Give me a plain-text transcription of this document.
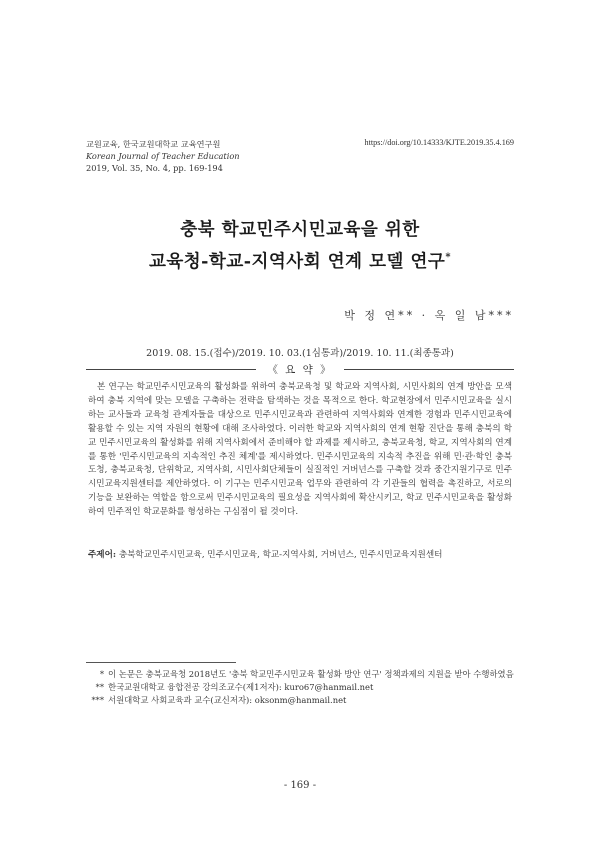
교원교육, 한국교원대학교 교육연구원
Korean Journal of Teacher Education
2019, Vol. 35, No. 4, pp. 169-194
https://doi.org/10.14333/KJTE.2019.35.4.169
충북 학교민주시민교육을 위한
교육청-학교-지역사회 연계 모델 연구*
박 정 연** · 옥 일 남***
2019. 08. 15.(접수)/2019. 10. 03.(1심통과)/2019. 10. 11.(최종통과)
《 요 약 》

본 연구는 학교민주시민교육의 활성화를 위하여 충북교육청 및 학교와 지역사회, 시민사회의 연계 방안을 모색하여 충북 지역에 맞는 모델을 구축하는 전략을 탐색하는 것을 목적으로 한다. 학교현장에서 민주시민교육을 실시하는 교사들과 교육청 관계자들을 대상으로 민주시민교육과 관련하여 지역사회와 연계한 경험과 민주시민교육에 활용할 수 있는 지역 자원의 현황에 대해 조사하였다. 이러한 학교와 지역사회의 연계 현황 진단을 통해 충북의 학교 민주시민교육의 활성화를 위해 지역사회에서 준비해야 할 과제를 제시하고, 충북교육청, 학교, 지역사회의 연계를 통한 '민주시민교육의 지속적인 추진 체계'를 제시하였다. 민주시민교육의 지속적 추진을 위해 민·관·학인 충북 도청, 충북교육청, 단위학교, 지역사회, 시민사회단체들이 실질적인 거버넌스를 구축할 것과 중간지원기구로 민주시민교육지원센터를 제안하였다. 이 기구는 민주시민교육 업무와 관련하여 각 기관들의 협력을 촉진하고, 서로의 기능을 보완하는 역할을 함으로써 민주시민교육의 필요성을 지역사회에 확산시키고, 학교 민주시민교육을 활성화하여 민주적인 학교문화를 형성하는 구심점이 될 것이다.

주제어: 충북학교민주시민교육, 민주시민교육, 학교-지역사회, 거버넌스, 민주시민교육지원센터
* 이 논문은 충북교육청 2018년도 '충북 학교민주시민교육 활성화 방안 연구' 정책과제의 지원을 받아 수행하였음
** 한국교원대학교 융합전공 강의조교수(제1저자): kuro67@hanmail.net
*** 서원대학교 사회교육과 교수(교신저자): oksonm@hanmail.net
- 169 -
